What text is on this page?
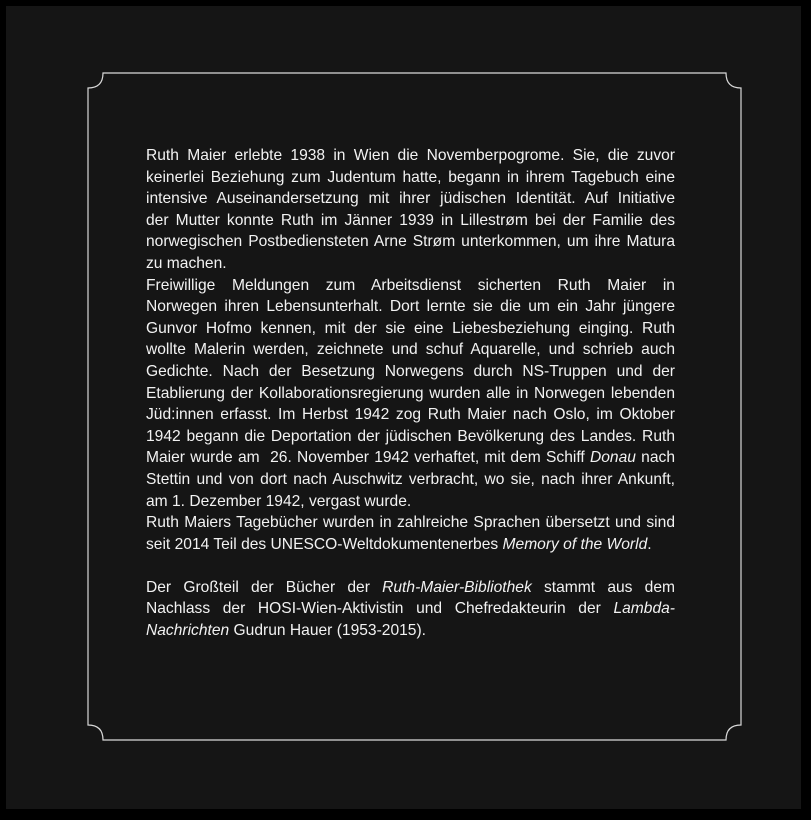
Ruth Maier erlebte 1938 in Wien die Novemberpogrome. Sie, die zuvor

keinerlei Beziehung zum Judentum hatte, begann in ihrem Tagebuch eine

intensive Auseinandersetzung mit ihrer jüdischen Identität. Auf Initiative

der Mutter konnte Ruth im Jänner 1939 in Lillestrøm bei der Familie des

norwegischen Postbediensteten Arne Strøm unterkommen, um ihre Matura

zu machen.

Freiwillige Meldungen zum Arbeitsdienst sicherten Ruth Maier in

Norwegen ihren Lebensunterhalt. Dort lernte sie die um ein Jahr jüngere

Gunvor Hofmo kennen, mit der sie eine Liebesbeziehung einging. Ruth

wollte Malerin werden, zeichnete und schuf Aquarelle, und schrieb auch

Gedichte. Nach der Besetzung Norwegens durch NS-Truppen und der

Etablierung der Kollaborationsregierung wurden alle in Norwegen lebenden

Jüd:innen erfasst. Im Herbst 1942 zog Ruth Maier nach Oslo, im Oktober

1942 begann die Deportation der jüdischen Bevölkerung des Landes. Ruth

Maier wurde am  26. November 1942 verhaftet, mit dem Schiff Donau nach

Stettin und von dort nach Auschwitz verbracht, wo sie, nach ihrer Ankunft,

am 1. Dezember 1942, vergast wurde.

Ruth Maiers Tagebücher wurden in zahlreiche Sprachen übersetzt und sind

seit 2014 Teil des UNESCO-Weltdokumentenerbes Memory of the World.

Der Großteil der Bücher der Ruth-Maier-Bibliothek stammt aus dem

Nachlass der HOSI-Wien-Aktivistin und Chefredakteurin der Lambda-

Nachrichten Gudrun Hauer (1953-2015).
